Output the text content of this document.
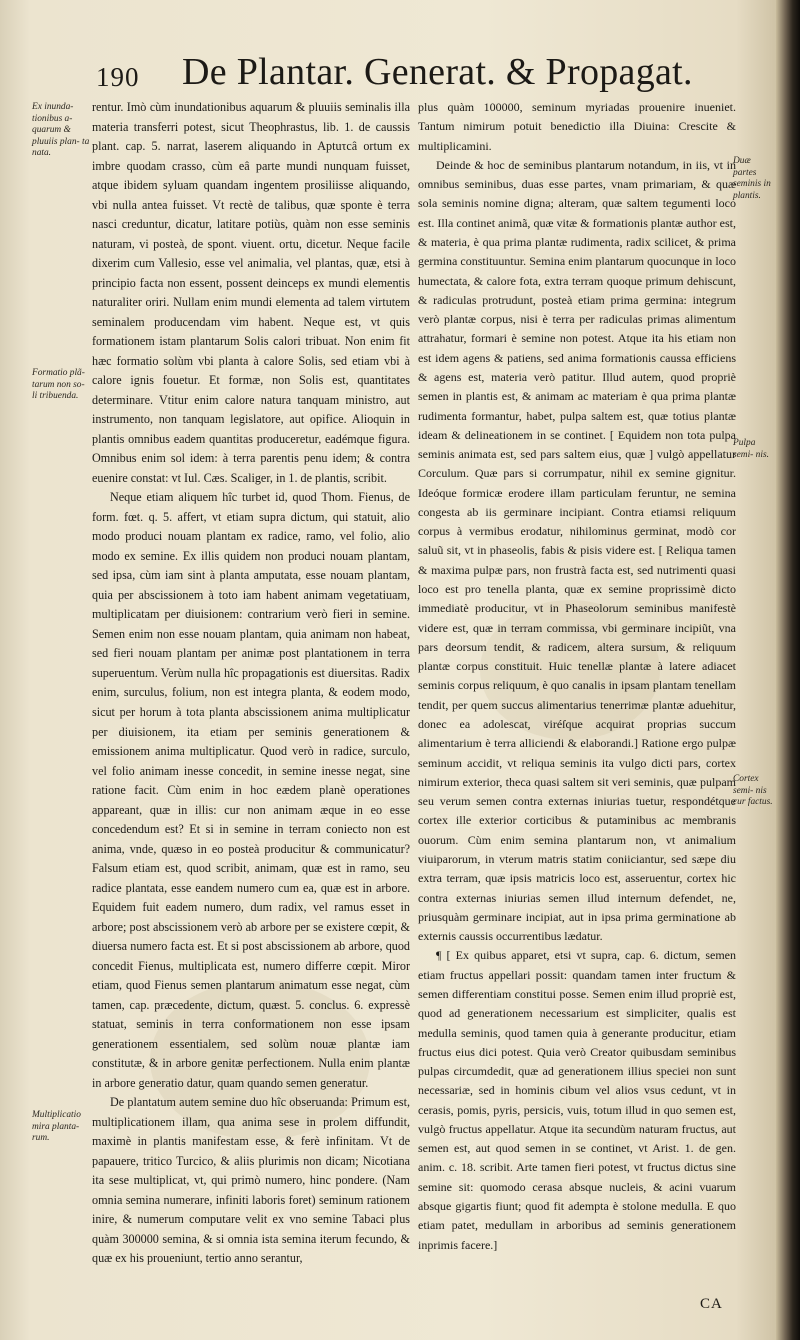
190 De Plantar. Generat. & Propagat.
Ex inunda- tionibus a- quarum & pluuiis plan- ta nata.
Formatio plã- tarum non so- li tribuenda.
Multiplicatio mira planta- rum.
Duæ partes seminis in plantis.
Pulpa semi- nis.
Cortex semi- nis cur factus.

rentur. Imò cùm inundationibus aquarum & pluuiis seminalis illa materia transferri potest, sicut Theophrastus, lib. 1. de caussis plant. cap. 5. narrat, laserem aliquando in Aptuτcâ ortum ex imbre quodam crasso, cùm eâ parte mundi nunquam fuisset, atque ibidem syluam quandam ingentem prosiliisse aliquando, vbi nulla antea fuisset. Vt rectè de talibus, quæ sponte è terra nasci creduntur, dicatur, latitare potiùs, quàm non esse seminis naturam, vi posteà, de spont. viuent. ortu, dicetur. Neque facile dixerim cum Vallesio, esse vel animalia, vel plantas, quæ, etsi à principio facta non essent, possent deinceps ex mundi elementis naturaliter oriri. Nullam enim mundi elementa ad talem virtutem seminalem producendam vim habent. Neque est, vt quis formationem istam plantarum Solis calori tribuat. Non enim fit hæc formatio solùm vbi planta à calore Solis, sed etiam vbi à calore ignis fouetur. Et formæ, non Solis est, quantitates determinare. Vtitur enim calore natura tanquam ministro, aut instrumento, non tanquam legislatore, aut opifice. Alioquin in plantis omnibus eadem quantitas produceretur, eadémque figura. Omnibus enim sol idem: à terra parentis penu idem; & contra euenire constat: vt Iul. Cæs. Scaliger, in 1. de plantis, scribit.

Neque etiam aliquem hîc turbet id, quod Thom. Fienus, de form. fœt. q. 5. affert, vt etiam supra dictum, qui statuit, alio modo produci nouam plantam ex radice, ramo, vel folio, alio modo ex semine. Ex illis quidem non produci nouam plantam, sed ipsa, cùm iam sint à planta amputata, esse nouam plantam, quia per abscissionem à toto iam habent animam vegetatiuam, multiplicatam per diuisionem: contrarium verò fieri in semine. Semen enim non esse nouam plantam, quia animam non habeat, sed fieri nouam plantam per animæ post plantationem in terra superuentum. Verùm nulla hîc propagationis est diuersitas. Radix enim, surculus, folium, non est integra planta, & eodem modo, sicut per horum à tota planta abscissionem anima multiplicatur per diuisionem, ita etiam per seminis generationem & emissionem anima multiplicatur. Quod verò in radice, surculo, vel folio animam inesse concedit, in semine inesse negat, sine ratione facit. Cùm enim in hoc eædem planè operationes appareant, quæ in illis: cur non animam æque in eo esse concedendum est? Et si in semine in terram coniecto non est anima, vnde, quæso in eo posteà producitur & communicatur? Falsum etiam est, quod scribit, animam, quæ est in ramo, seu radice plantata, esse eandem numero cum ea, quæ est in arbore. Equidem fuit eadem numero, dum radix, vel ramus esset in arbore; post abscissionem verò ab arbore per se existere cœpit, & diuersa numero facta est. Et si post abscissionem ab arbore, quod concedit Fienus, multiplicata est, numero differre cœpit. Miror etiam, quod Fienus semen plantarum animatum esse negat, cùm tamen, cap. præcedente, dictum, quæst. 5. conclus. 6. expressè statuat, seminis in terra conformationem non esse ipsam generationem essentialem, sed solùm nouæ plantæ iam constitutæ, & in arbore genitæ perfectionem. Nulla enim plantæ in arbore generatio datur, quam quando semen generatur.

De plantatum autem semine duo hîc obseruanda: Primum est, multiplicationem illam, qua anima sese in prolem diffundit, maximè in plantis manifestam esse, & ferè infinitam. Vt de papauere, tritico Turcico, & aliis plurimis non dicam; Nicotiana ita sese multiplicat, vt, qui primò numero, hinc pondere. (Nam omnia semina numerare, infiniti laboris foret) seminum rationem inire, & numerum computare velit ex vno semine Tabaci plus quàm 300000 semina, & si omnia ista semina iterum fecundo, & quæ ex his proueniunt, tertio anno serantur,

plus quàm 100000, seminum myriadas prouenire inueniet. Tantum nimirum potuit benedictio illa Diuina: Crescite & multiplicamini.

Deinde & hoc de seminibus plantarum notandum, in iis, vt in omnibus seminibus, duas esse partes, vnam primariam, & quæ sola seminis nomine digna; alteram, quæ saltem tegumenti loco est. Illa continet animã, quæ vitæ & formationis plantæ author est, & materia, è qua prima plantæ rudimenta, radix scilicet, & prima germina constituuntur. Semina enim plantarum quocunque in loco humectata, & calore fota, extra terram quoque primum dehiscunt, & radiculas protrudunt, posteà etiam prima germina: integrum verò plantæ corpus, nisi è terra per radiculas primas alimentum attrahatur, formari è semine non potest. Atque ita his etiam non est idem agens & patiens, sed anima formationis caussa efficiens & agens est, materia verò patitur. Illud autem, quod propriè semen in plantis est, & animam ac materiam è qua prima plantæ rudimenta formantur, habet, pulpa saltem est, quæ totius plantæ ideam & delineationem in se continet. [ Equidem non tota pulpa seminis animata est, sed pars saltem eius, quæ ] vulgò appellatur Corculum. Quæ pars si corrumpatur, nihil ex semine gignitur. Ideóque formicæ erodere illam particulam feruntur, ne semina congesta ab iis germinare incipiant. Contra etiamsi reliquum corpus à vermibus erodatur, nihilominus germinat, modò cor saluũ sit, vt in phaseolis, fabis & pisis videre est. [ Reliqua tamen & maxima pulpæ pars, non frustrà facta est, sed nutrimenti quasi loco est pro tenella planta, quæ ex semine proprissimè dicto immediatè producitur, vt in Phaseolorum seminibus manifestè videre est, quæ in terram commissa, vbi germinare incipiũt, vna pars deorsum tendit, & radicem, altera sursum, & reliquum plantæ corpus constituit. Huic tenellæ plantæ à latere adiacet seminis corpus reliquum, è quo canalis in ipsam plantam tenellam tendit, per quem succus alimentarius tenerrimæ plantæ aduehitur, donec ea adolescat, viréſque acquirat proprias succum alimentarium è terra alliciendi & elaborandi.] Ratione ergo pulpæ seminum accidit, vt reliqua seminis ita vulgo dicti pars, cortex nimirum exterior, theca quasi saltem sit veri seminis, quæ pulpam seu verum semen contra externas iniurias tuetur, respondétque cortex ille exterior corticibus & putaminibus ac membranis ouorum. Cùm enim semina plantarum non, vt animalium viuiparorum, in vterum matris statim coniiciantur, sed sæpe diu extra terram, quæ ipsis matricis loco est, asseruentur, cortex hic contra externas iniurias semen illud internum defendet, ne, priusquàm germinare incipiat, aut in ipsa prima germinatione ab externis caussis occurrentibus lædatur.

¶ [ Ex quibus apparet, etsi vt supra, cap. 6. dictum, semen etiam fructus appellari possit: quandam tamen inter fructum & semen differentiam constitui posse. Semen enim illud propriè est, quod ad generationem necessarium est simpliciter, qualis est medulla seminis, quod tamen quia à generante producitur, etiam fructus eius dici potest. Quia verò Creator quibusdam seminibus pulpas circumdedit, quæ ad generationem illius speciei non sunt necessariæ, sed in hominis cibum vel alios vsus cedunt, vt in cerasis, pomis, pyris, persicis, vuis, totum illud in quo semen est, vulgò fructus appellatur. Atque ita secundùm naturam fructus, aut semen est, aut quod semen in se continet, vt Arist. 1. de gen. anim. c. 18. scribit. Arte tamen fieri potest, vt fructus dictus sine semine sit: quomodo cerasa absque nucleis, & acini vuarum absque gigartis fiunt; quod fit adempta è stolone medulla. E quo etiam patet, medullam in arboribus ad seminis generationem inprimis facere.]

CA
